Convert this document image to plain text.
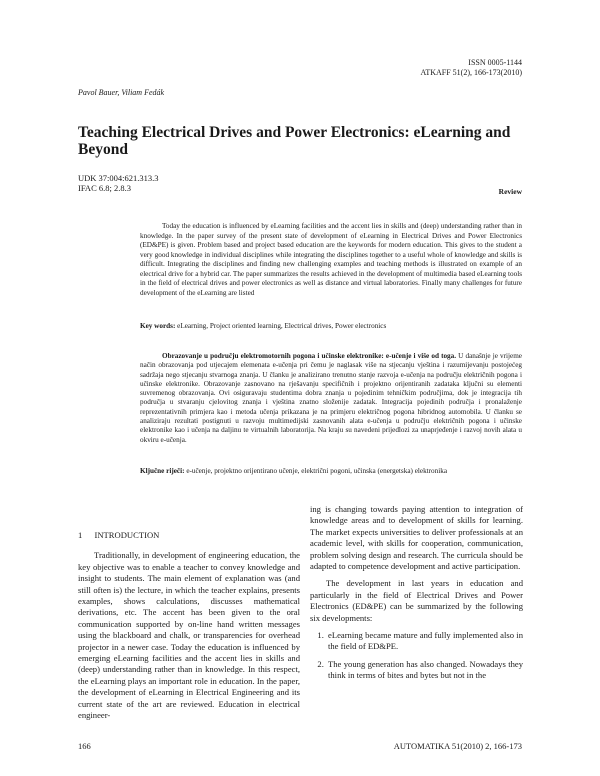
ISSN 0005-1144
ATKAFF 51(2), 166-173(2010)
Pavol Bauer, Viliam Fedák
Teaching Electrical Drives and Power Electronics: eLearning and Beyond
UDK 37:004:621.313.3
IFAC 6.8; 2.8.3	Review

Today the education is influenced by eLearning facilities and the accent lies in skills and (deep) understanding rather than in knowledge. In the paper survey of the present state of development of eLearning in Electrical Drives and Power Electronics (ED&PE) is given. Problem based and project based education are the keywords for modern education. This gives to the student a very good knowledge in individual disciplines while integrating the disciplines together to a useful whole of knowledge and skills is difficult. Integrating the disciplines and finding new challenging examples and teaching methods is illustrated on example of an electrical drive for a hybrid car. The paper summarizes the results achieved in the development of multimedia based eLearning tools in the field of electrical drives and power electronics as well as distance and virtual laboratories. Finally many challenges for future development of the eLearning are listed

Key words: eLearning, Project oriented learning, Electrical drives, Power electronics

Obrazovanje u području elektromotornih pogona i učinske elektronike: e-učenje i više od toga. U današnje je vrijeme način obrazovanja pod utjecajem elemenata e-učenja pri čemu je naglasak više na stjecanju vještina i razumijevanju postojećeg sadržaja nego stjecanju stvarnoga znanja. U članku je analizirano trenutno stanje razvoja e-učenja na području električnih pogona i učinske elektronike. Obrazovanje zasnovano na rješavanju specifičnih i projektno orijentiranih zadataka ključni su elementi suvremenog obrazovanja. Ovi osiguravaju studentima dobra znanja u pojedinim tehničkim područjima, dok je integracija tih područja u stvaranju cjelovitog znanja i vještina znatno složenije zadatak. Integracija pojedinih područja i pronalaženje reprezentativnih primjera kao i metoda učenja prikazana je na primjeru električnog pogona hibridnog automobila. U članku se analiziraju rezultati postignuti u razvoju multimedijski zasnovanih alata e-učenja u području električnih pogona i učinske elektronike kao i učenja na daljinu te virtualnih laboratorija. Na kraju su navedeni prijedlozi za unaprjeđenje i razvoj novih alata u okviru e-učenja.

Ključne riječi: e-učenje, projektno orijentirano učenje, električni pogoni, učinska (energetska) elektronika
1 INTRODUCTION

Traditionally, in development of engineering education, the key objective was to enable a teacher to convey knowledge and insight to students. The main element of explanation was (and still often is) the lecture, in which the teacher explains, presents examples, shows calculations, discusses mathematical derivations, etc. The accent has been given to the oral communication supported by on-line hand written messages using the blackboard and chalk, or transparencies for overhead projector in a newer case. Today the education is influenced by emerging eLearning facilities and the accent lies in skills and (deep) understanding rather than in knowledge. In this respect, the eLearning plays an important role in education. In the paper, the development of eLearning in Electrical Engineering and its current state of the art are reviewed. Education in electrical engineer-

ing is changing towards paying attention to integration of knowledge areas and to development of skills for learning. The market expects universities to deliver professionals at an academic level, with skills for cooperation, communication, problem solving design and research. The curricula should be adapted to competence development and active participation.

The development in last years in education and particularly in the field of Electrical Drives and Power Electronics (ED&PE) can be summarized by the following six developments:

1. eLearning became mature and fully implemented also in the field of ED&PE.
2. The young generation has also changed. Nowadays they think in terms of bites and bytes but not in the
166	AUTOMATIKA 51(2010) 2, 166-173
